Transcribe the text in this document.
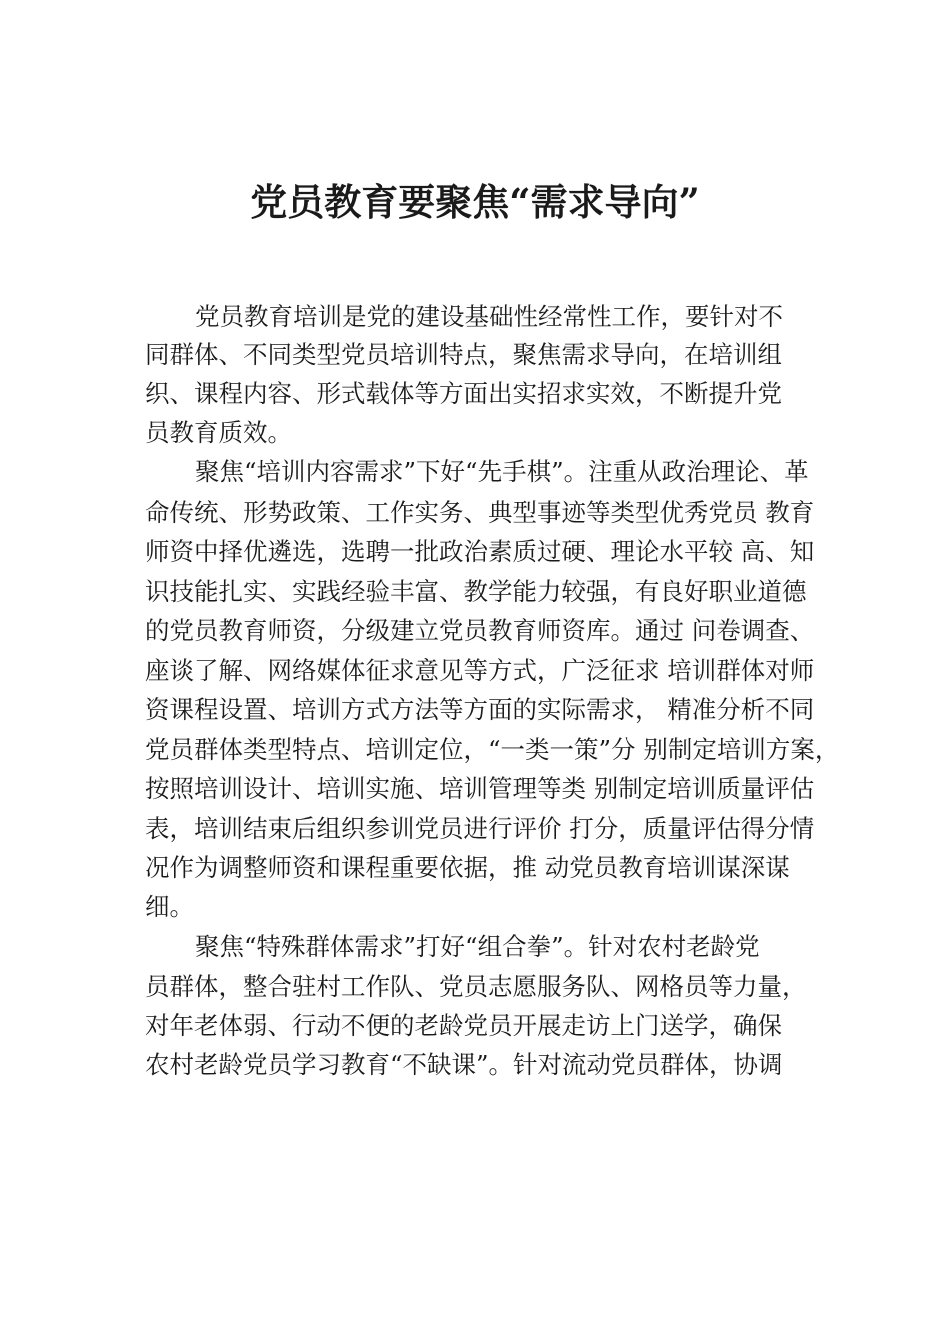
党员教育要聚焦“需求导向”
党员教育培训是党的建设基础性经常性工作，要针对不
同群体、不同类型党员培训特点，聚焦需求导向，在培训组
织、课程内容、形式载体等方面出实招求实效，不断提升党
员教育质效。
聚焦“培训内容需求”下好“先手棋”。注重从政治理论、革
命传统、形势政策、工作实务、典型事迹等类型优秀党员 教育
师资中择优遴选，选聘一批政治素质过硬、理论水平较 高、知
识技能扎实、实践经验丰富、教学能力较强，有良好职业道德
的党员教育师资，分级建立党员教育师资库。通过 问卷调查、
座谈了解、网络媒体征求意见等方式，广泛征求 培训群体对师
资课程设置、培训方式方法等方面的实际需求， 精准分析不同
党员群体类型特点、培训定位，“一类一策”分 别制定培训方案，
按照培训设计、培训实施、培训管理等类 别制定培训质量评估
表，培训结束后组织参训党员进行评价 打分，质量评估得分情
况作为调整师资和课程重要依据，推 动党员教育培训谋深谋
细。
聚焦“特殊群体需求”打好“组合拳”。针对农村老龄党
员群体，整合驻村工作队、党员志愿服务队、网格员等力量，
对年老体弱、行动不便的老龄党员开展走访上门送学，确保
农村老龄党员学习教育“不缺课”。针对流动党员群体，协调
